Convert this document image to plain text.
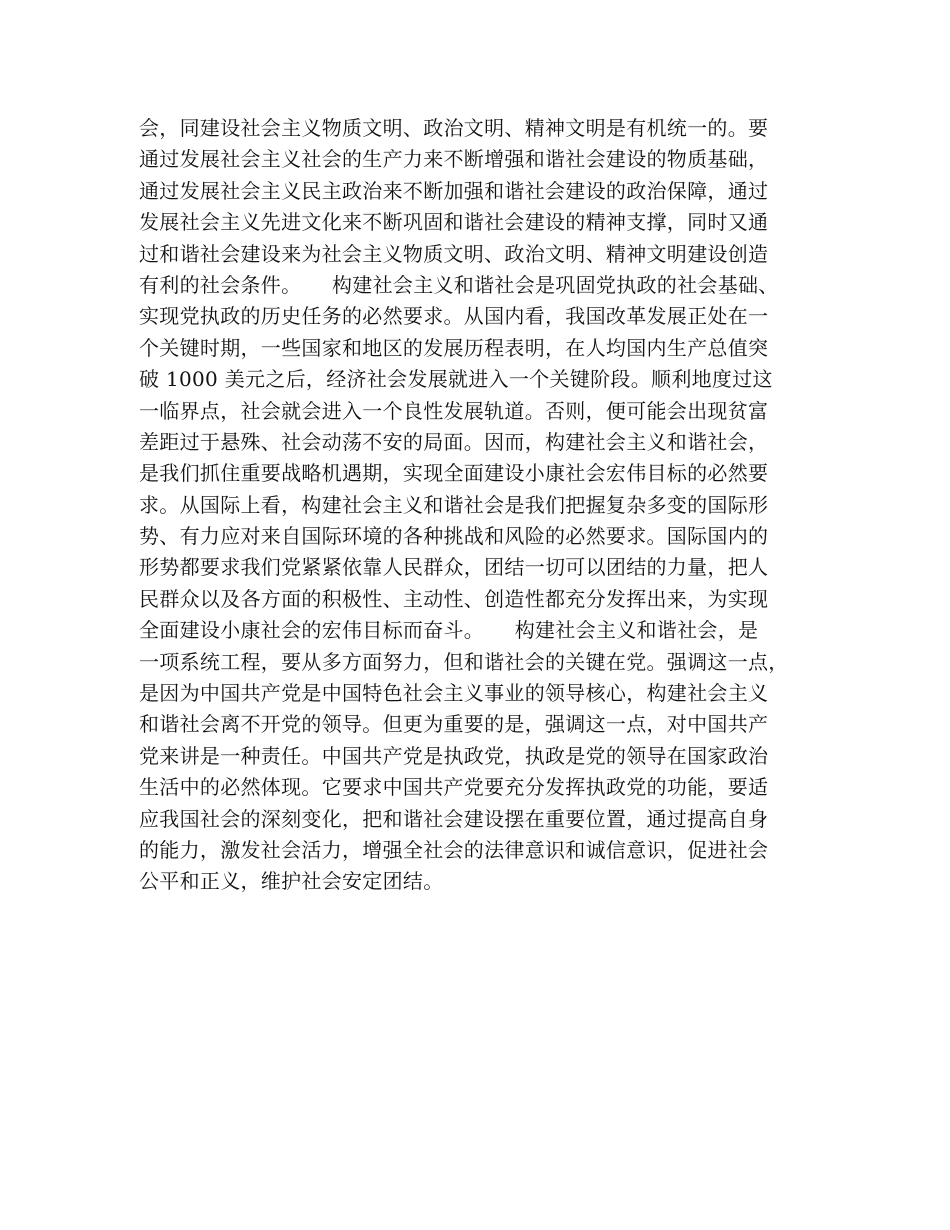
会，同建设社会主义物质文明、政治文明、精神文明是有机统一的。要
通过发展社会主义社会的生产力来不断增强和谐社会建设的物质基础，
通过发展社会主义民主政治来不断加强和谐社会建设的政治保障，通过
发展社会主义先进文化来不断巩固和谐社会建设的精神支撑，同时又通
过和谐社会建设来为社会主义物质文明、政治文明、精神文明建设创造
有利的社会条件。　　构建社会主义和谐社会是巩固党执政的社会基础、
实现党执政的历史任务的必然要求。从国内看，我国改革发展正处在一
个关键时期，一些国家和地区的发展历程表明，在人均国内生产总值突
破 1000 美元之后，经济社会发展就进入一个关键阶段。顺利地度过这
一临界点，社会就会进入一个良性发展轨道。否则，便可能会出现贫富
差距过于悬殊、社会动荡不安的局面。因而，构建社会主义和谐社会，
是我们抓住重要战略机遇期，实现全面建设小康社会宏伟目标的必然要
求。从国际上看，构建社会主义和谐社会是我们把握复杂多变的国际形
势、有力应对来自国际环境的各种挑战和风险的必然要求。国际国内的
形势都要求我们党紧紧依靠人民群众，团结一切可以团结的力量，把人
民群众以及各方面的积极性、主动性、创造性都充分发挥出来，为实现
全面建设小康社会的宏伟目标而奋斗。　　构建社会主义和谐社会，是
一项系统工程，要从多方面努力，但和谐社会的关键在党。强调这一点，
是因为中国共产党是中国特色社会主义事业的领导核心，构建社会主义
和谐社会离不开党的领导。但更为重要的是，强调这一点，对中国共产
党来讲是一种责任。中国共产党是执政党，执政是党的领导在国家政治
生活中的必然体现。它要求中国共产党要充分发挥执政党的功能，要适
应我国社会的深刻变化，把和谐社会建设摆在重要位置，通过提高自身
的能力，激发社会活力，增强全社会的法律意识和诚信意识，促进社会
公平和正义，维护社会安定团结。
